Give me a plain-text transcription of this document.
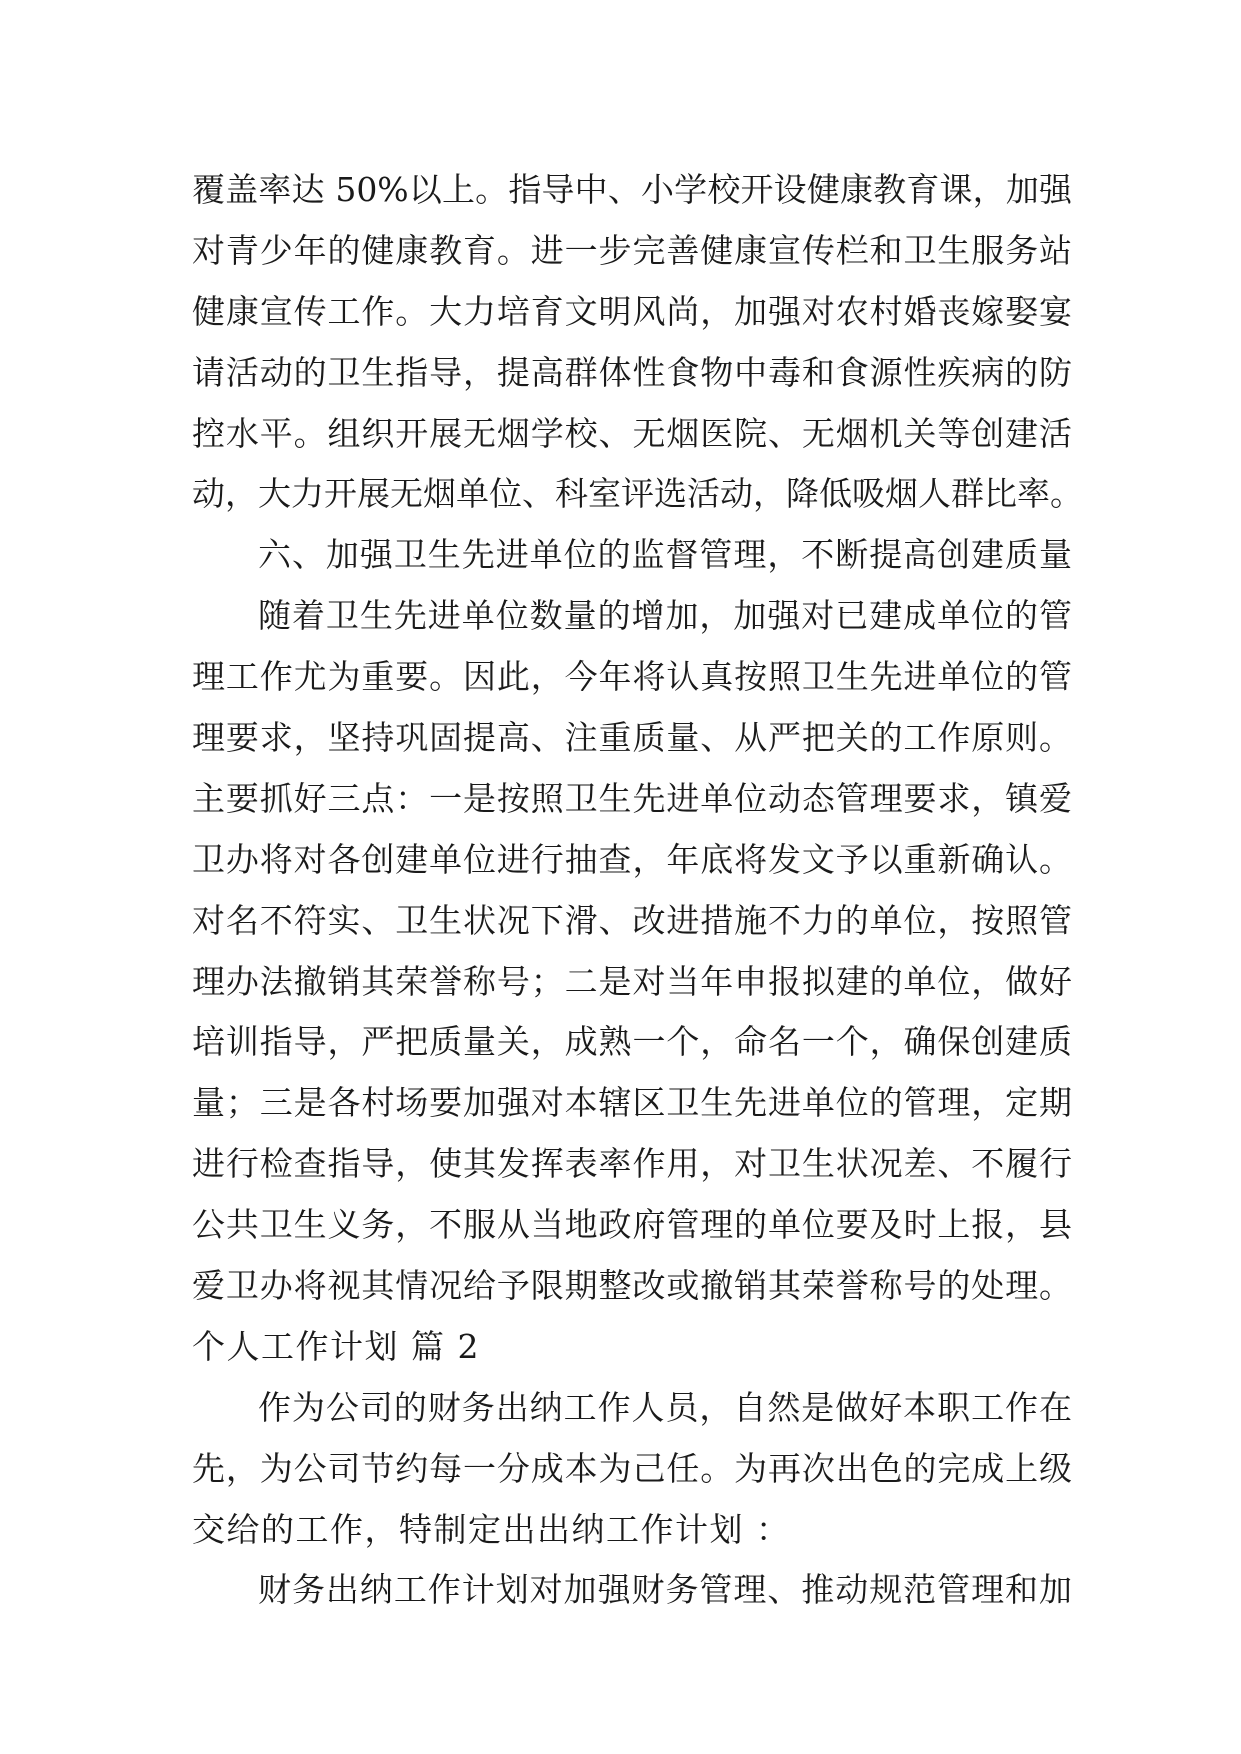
覆盖率达 50%以上。指导中、小学校开设健康教育课，加强
对青少年的健康教育。进一步完善健康宣传栏和卫生服务站
健康宣传工作。大力培育文明风尚，加强对农村婚丧嫁娶宴
请活动的卫生指导，提高群体性食物中毒和食源性疾病的防
控水平。组织开展无烟学校、无烟医院、无烟机关等创建活
动，大力开展无烟单位、科室评选活动，降低吸烟人群比率。
六、加强卫生先进单位的监督管理，不断提高创建质量
随着卫生先进单位数量的增加，加强对已建成单位的管
理工作尤为重要。因此，今年将认真按照卫生先进单位的管
理要求，坚持巩固提高、注重质量、从严把关的工作原则。
主要抓好三点：一是按照卫生先进单位动态管理要求，镇爱
卫办将对各创建单位进行抽查，年底将发文予以重新确认。
对名不符实、卫生状况下滑、改进措施不力的单位，按照管
理办法撤销其荣誉称号；二是对当年申报拟建的单位，做好
培训指导，严把质量关，成熟一个，命名一个，确保创建质
量；三是各村场要加强对本辖区卫生先进单位的管理，定期
进行检查指导，使其发挥表率作用，对卫生状况差、不履行
公共卫生义务，不服从当地政府管理的单位要及时上报，县
爱卫办将视其情况给予限期整改或撤销其荣誉称号的处理。
个人工作计划 篇 2
作为公司的财务出纳工作人员，自然是做好本职工作在
先，为公司节约每一分成本为己任。为再次出色的完成上级
交给的工作，特制定出出纳工作计划 ：
财务出纳工作计划对加强财务管理、推动规范管理和加
